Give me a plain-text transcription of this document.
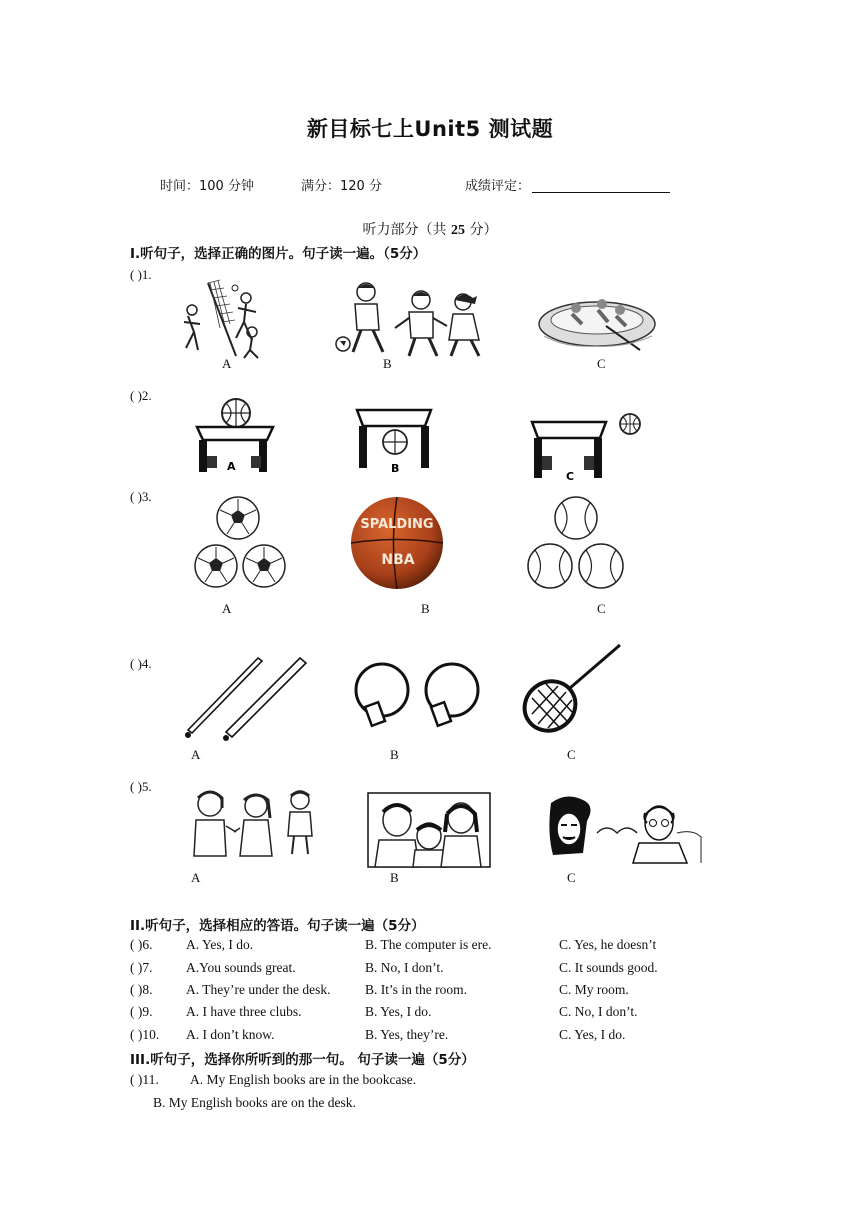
新目标七上Unit5 测试题
时间：100 分钟	满分：120 分	成绩评定：
听力部分（共 25 分）
I.听句子，选择正确的图片。句子读一遍。（5分）
( )1.
A	B	C
( )2.
A	B
C
( )3.
SPALDING
NBA
A	B	C
( )4.
A	B	C
( )5.
A	B	C
II.听句子，选择相应的答语。句子读一遍（5分）
( )6. A. Yes, I do.	B. The computer is ere.	C. Yes, he doesn’t
( )7. A.You sounds great.	B. No, I don’t.	C. It sounds good.
( )8. A. They’re under the desk.	B. It’s in the room.	C. My room.
( )9. A. I have three clubs.	B. Yes, I do.	C. No, I don’t.
( )10. A. I don’t know.	B. Yes, they’re.	C. Yes, I do.
III.听句子，选择你所听到的那一句。 句子读一遍（5分）
( )11. A. My English books are in the bookcase.
B. My English books are on the desk.
